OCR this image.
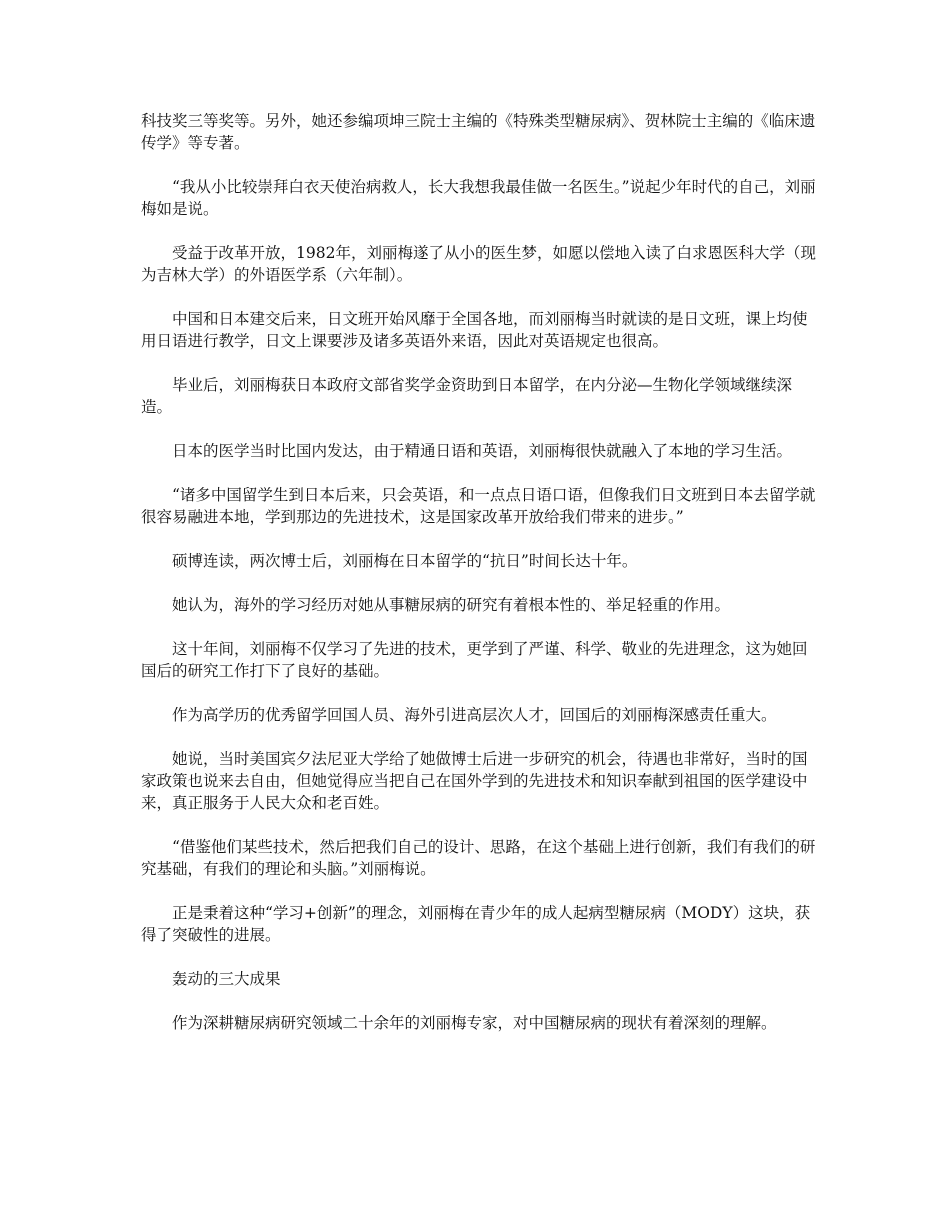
科技奖三等奖等。另外，她还参编项坤三院士主编的《特殊类型糖尿病》、贺林院士主编的《临床遗传学》等专著。

“我从小比较崇拜白衣天使治病救人，长大我想我最佳做一名医生。”说起少年时代的自己，刘丽梅如是说。

受益于改革开放，1982年，刘丽梅遂了从小的医生梦，如愿以偿地入读了白求恩医科大学（现为吉林大学）的外语医学系（六年制）。

中国和日本建交后来，日文班开始风靡于全国各地，而刘丽梅当时就读的是日文班，课上均使用日语进行教学，日文上课要涉及诸多英语外来语，因此对英语规定也很高。

毕业后，刘丽梅获日本政府文部省奖学金资助到日本留学，在内分泌—生物化学领域继续深造。

日本的医学当时比国内发达，由于精通日语和英语，刘丽梅很快就融入了本地的学习生活。

“诸多中国留学生到日本后来，只会英语，和一点点日语口语，但像我们日文班到日本去留学就很容易融进本地，学到那边的先进技术，这是国家改革开放给我们带来的进步。”

硕博连读，两次博士后，刘丽梅在日本留学的“抗日”时间长达十年。

她认为，海外的学习经历对她从事糖尿病的研究有着根本性的、举足轻重的作用。

这十年间，刘丽梅不仅学习了先进的技术，更学到了严谨、科学、敬业的先进理念，这为她回国后的研究工作打下了良好的基础。

作为高学历的优秀留学回国人员、海外引进高层次人才，回国后的刘丽梅深感责任重大。

她说，当时美国宾夕法尼亚大学给了她做博士后进一步研究的机会，待遇也非常好，当时的国家政策也说来去自由，但她觉得应当把自己在国外学到的先进技术和知识奉献到祖国的医学建设中来，真正服务于人民大众和老百姓。

“借鉴他们某些技术，然后把我们自己的设计、思路，在这个基础上进行创新，我们有我们的研究基础，有我们的理论和头脑。”刘丽梅说。

正是秉着这种“学习+创新”的理念，刘丽梅在青少年的成人起病型糖尿病（MODY）这块，获得了突破性的进展。

轰动的三大成果

作为深耕糖尿病研究领域二十余年的刘丽梅专家，对中国糖尿病的现状有着深刻的理解。
